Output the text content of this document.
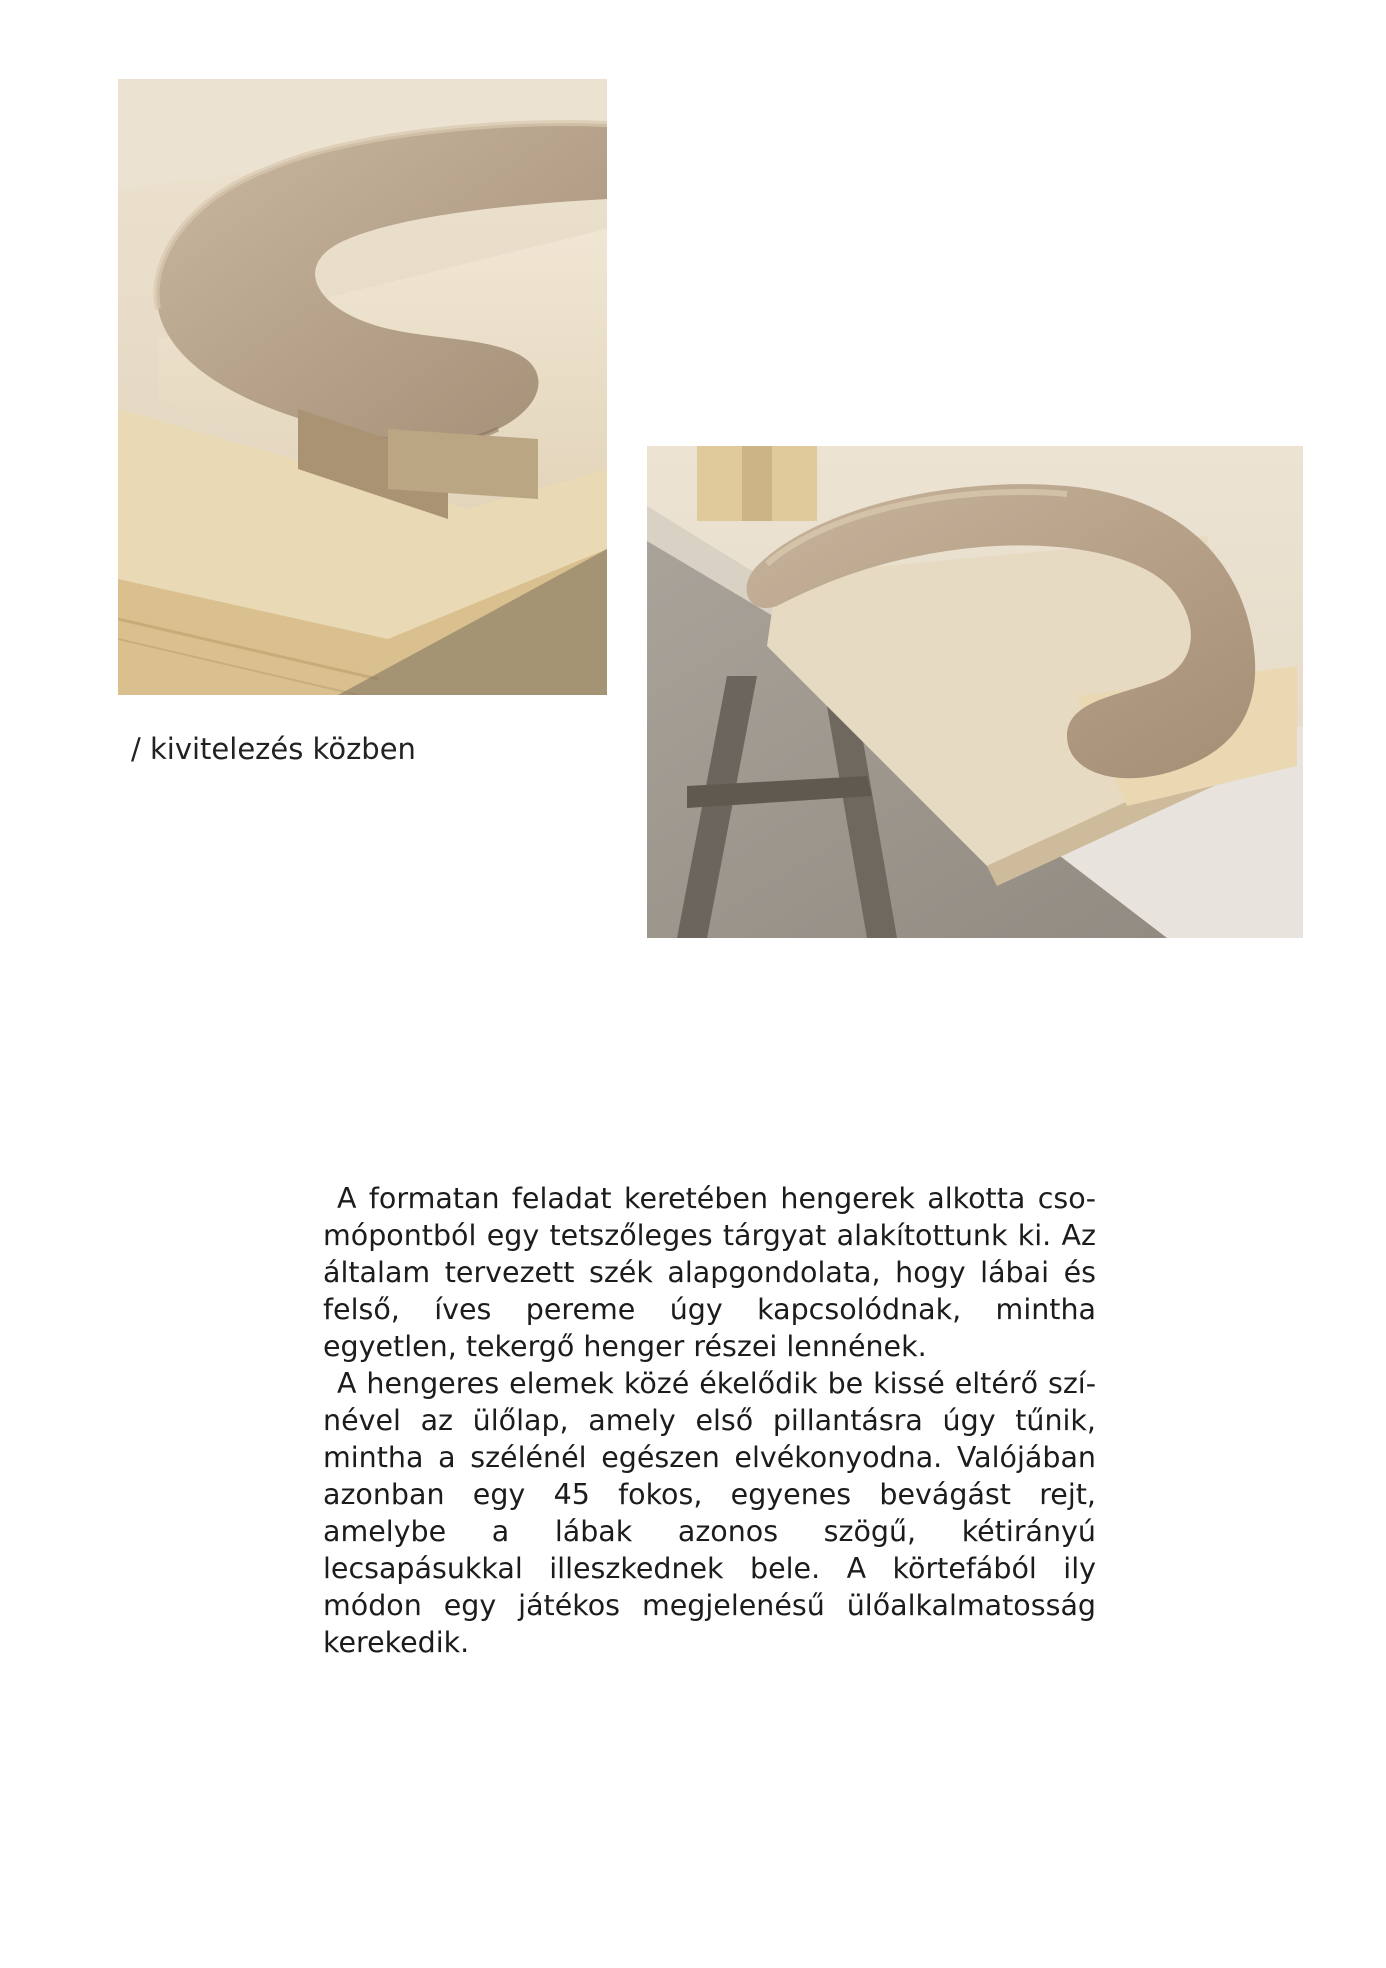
/ kivitelezés közben

A formatan feladat keretében hengerek alkotta csomópontból egy tetszőleges tárgyat alakítottunk ki. Az általam tervezett szék alapgondolata, hogy lábai és felső, íves pereme úgy kapcsolódnak, mintha egyetlen, tekergő henger részei lennének.

A hengeres elemek közé ékelődik be kissé eltérő színével az ülőlap, amely első pillantásra úgy tűnik, mintha a szélénél egészen elvékonyodna. Valójában azonban egy 45 fokos, egyenes bevágást rejt, amelybe a lábak azonos szögű, kétirányú lecsapásukkal illeszkednek bele. A körtefából ily módon egy játékos megjelenésű ülőalkalmatosság kerekedik.
